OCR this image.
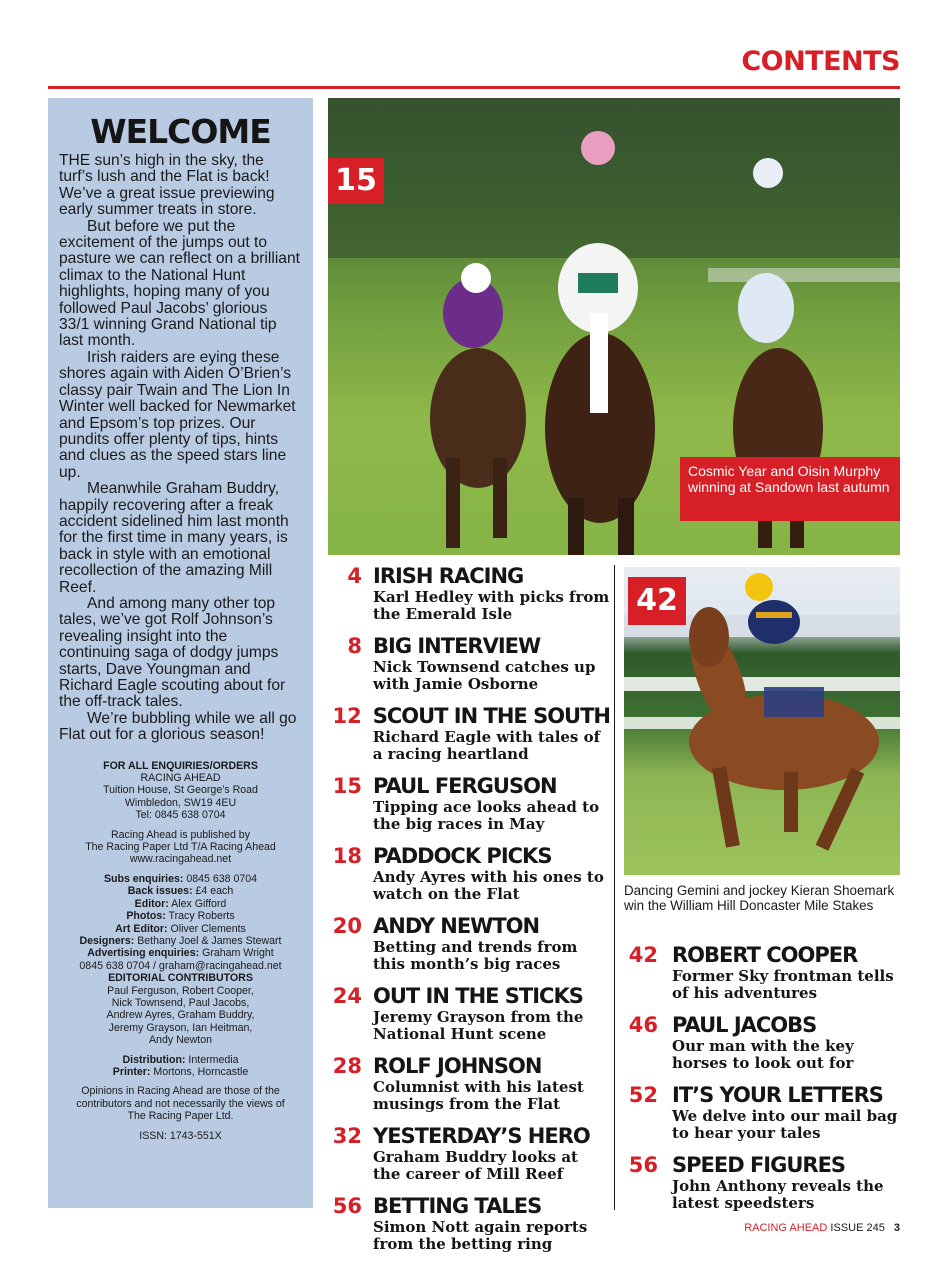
CONTENTS
WELCOME

THE sun’s high in the sky, the turf’s lush and the Flat is back! We’ve a great issue previewing early summer treats in store.

But before we put the excitement of the jumps out to pasture we can reflect on a brilliant climax to the National Hunt highlights, hoping many of you followed Paul Jacobs’ glorious 33/1 winning Grand National tip last month.

Irish raiders are eying these shores again with Aiden O’Brien’s classy pair Twain and The Lion In Winter well backed for Newmarket and Epsom’s top prizes. Our pundits offer plenty of tips, hints and clues as the speed stars line up.

Meanwhile Graham Buddry, happily recovering after a freak accident sidelined him last month for the first time in many years, is back in style with an emotional recollection of the amazing Mill Reef.

And among many other top tales, we’ve got Rolf Johnson’s revealing insight into the continuing saga of dodgy jumps starts, Dave Youngman and Richard Eagle scouting about for the off-track tales.

We’re bubbling while we all go Flat out for a glorious season!

FOR ALL ENQUIRIES/ORDERS
RACING AHEAD
Tuition House, St George’s Road
Wimbledon, SW19 4EU
Tel: 0845 638 0704
Racing Ahead is published by
The Racing Paper Ltd T/A Racing Ahead
www.racingahead.net
Subs enquiries: 0845 638 0704
Back issues: £4 each
Editor: Alex Gifford
Photos: Tracy Roberts
Art Editor: Oliver Clements
Designers: Bethany Joel & James Stewart
Advertising enquiries: Graham Wright
0845 638 0704 / graham@racingahead.net
EDITORIAL CONTRIBUTORS
Paul Ferguson, Robert Cooper,
Nick Townsend, Paul Jacobs,
Andrew Ayres, Graham Buddry,
Jeremy Grayson, Ian Heitman,
Andy Newton
Distribution: Intermedia
Printer: Mortons, Horncastle
Opinions in Racing Ahead are those of the
contributors and not necessarily the views of
The Racing Paper Ltd.
ISSN: 1743-551X
15
Cosmic Year and Oisin Murphy winning at Sandown last autumn
4 IRISH RACING
Karl Hedley with picks from the Emerald Isle
8 BIG INTERVIEW
Nick Townsend catches up with Jamie Osborne
12 SCOUT IN THE SOUTH
Richard Eagle with tales of a racing heartland
15 PAUL FERGUSON
Tipping ace looks ahead to the big races in May
18 PADDOCK PICKS
Andy Ayres with his ones to watch on the Flat
20 ANDY NEWTON
Betting and trends from this month’s big races
24 OUT IN THE STICKS
Jeremy Grayson from the National Hunt scene
28 ROLF JOHNSON
Columnist with his latest musings from the Flat
32 YESTERDAY’S HERO
Graham Buddry looks at the career of Mill Reef
56 BETTING TALES
Simon Nott again reports from the betting ring
42
Dancing Gemini and jockey Kieran Shoemark win the William Hill Doncaster Mile Stakes
42 ROBERT COOPER
Former Sky frontman tells of his adventures
46 PAUL JACOBS
Our man with the key horses to look out for
52 IT’S YOUR LETTERS
We delve into our mail bag to hear your tales
56 SPEED FIGURES
John Anthony reveals the latest speedsters
RACING AHEAD ISSUE 245 3
